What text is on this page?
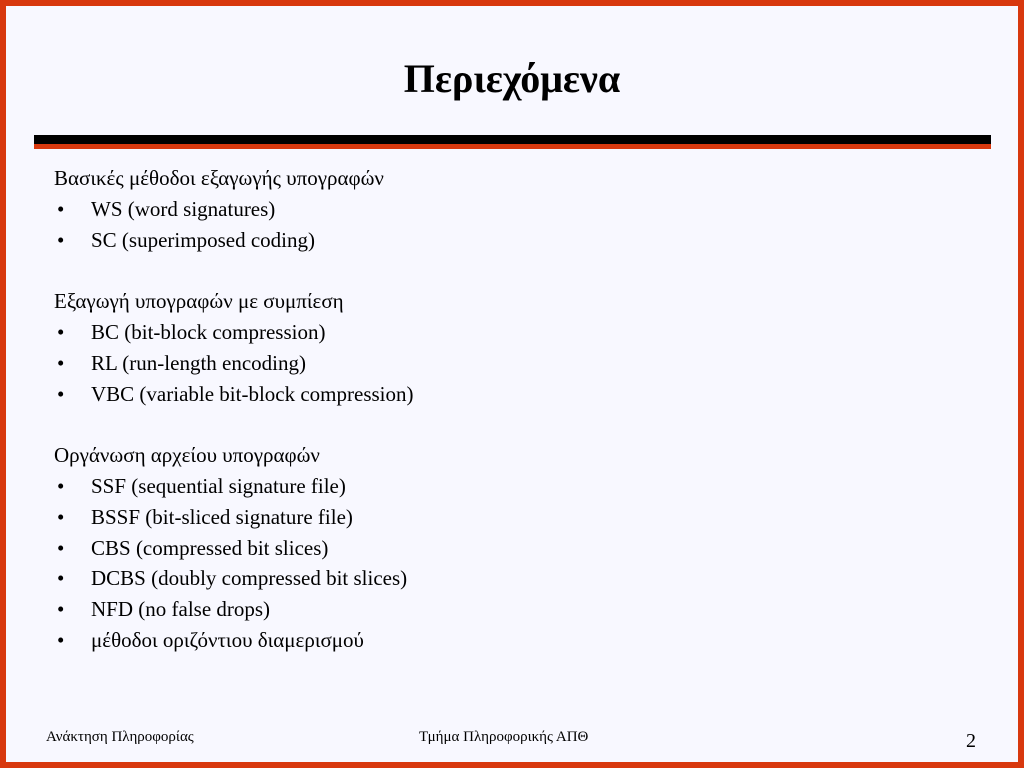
Περιεχόμενα
Βασικές μέθοδοι εξαγωγής υπογραφών
• WS (word signatures)
• SC (superimposed coding)
Εξαγωγή υπογραφών με συμπίεση
• BC (bit-block compression)
• RL (run-length encoding)
• VBC (variable bit-block compression)
Οργάνωση αρχείου υπογραφών
• SSF (sequential signature file)
• BSSF (bit-sliced signature file)
• CBS (compressed bit slices)
• DCBS (doubly compressed bit slices)
• NFD (no false drops)
• μέθοδοι οριζόντιου διαμερισμού
Ανάκτηση Πληροφορίας	Τμήμα Πληροφορικής ΑΠΘ	2
